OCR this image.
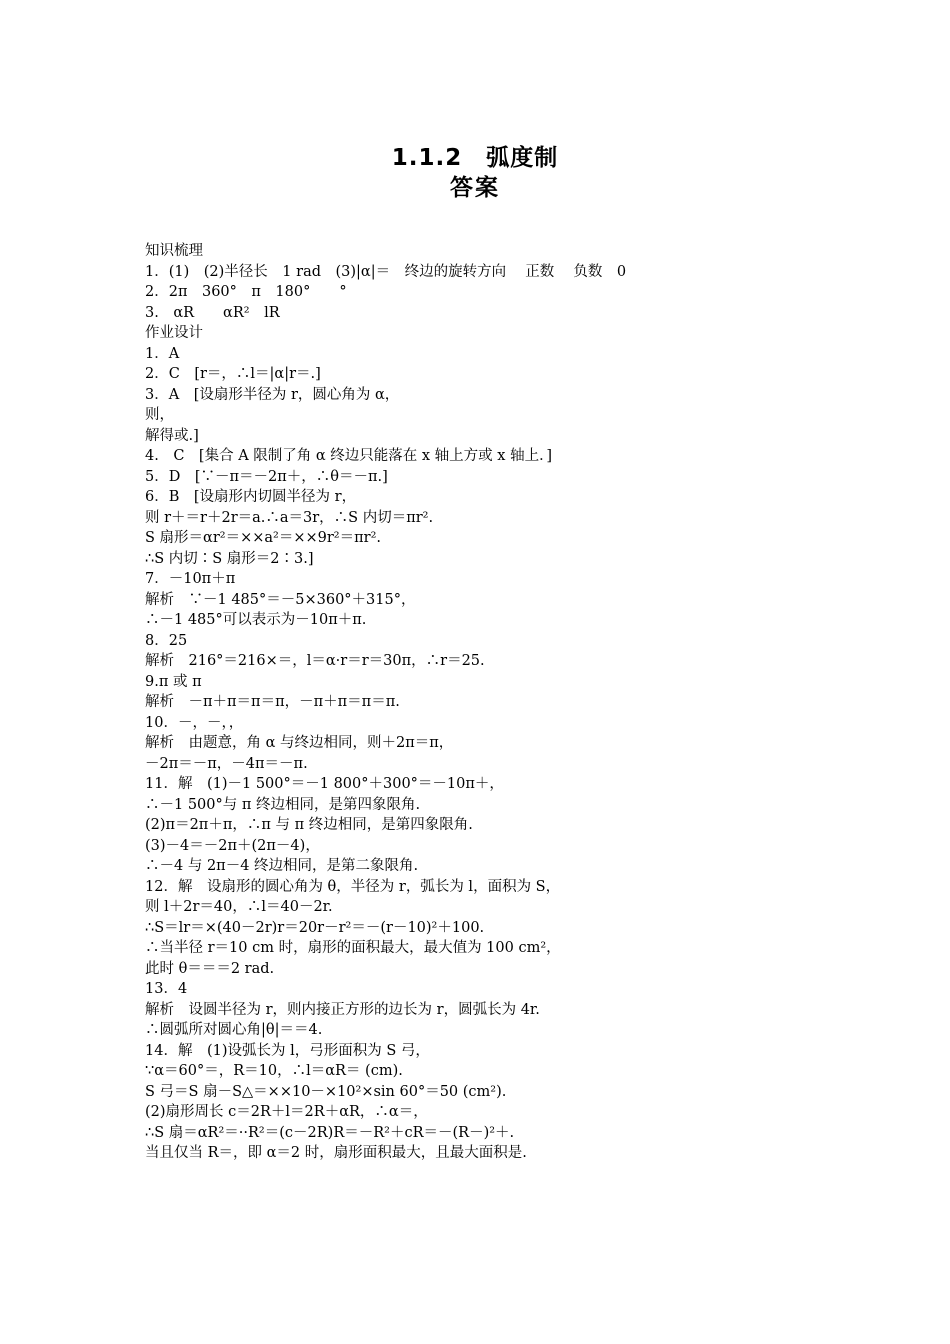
1.1.2　弧度制
答案
知识梳理
1．(1)　(2)半径长　1 rad　(3)|α|＝　终边的旋转方向　 正数　 负数　0
2．2π　360°　π　180°　　°
3.　αR　　αR²　lR
作业设计
1．A
2．C　[r＝，∴l＝|α|r＝.]
3．A　[设扇形半径为 r，圆心角为 α，
则，
解得或.]
4.　C　[集合 A 限制了角 α 终边只能落在 x 轴上方或 x 轴上．]
5．D　[∵－π＝－2π＋，∴θ＝－π.]
6．B　[设扇形内切圆半径为 r，
则 r＋＝r＋2r＝a.∴a＝3r，∴S 内切＝πr².
S 扇形＝αr²＝××a²＝××9r²＝πr².
∴S 内切∶S 扇形＝2∶3.]
7．－10π＋π
解析　∵－1 485°＝－5×360°＋315°，
∴－1 485°可以表示为－10π＋π.
8．25
解析　216°＝216×＝，l＝α·r＝r＝30π，∴r＝25.
9.π 或 π
解析　－π＋π＝π＝π，－π＋π＝π＝π.
10．－，－，，
解析　由题意，角 α 与终边相同，则＋2π＝π，
－2π＝－π，－4π＝－π.
11．解　(1)－1 500°＝－1 800°＋300°＝－10π＋，
∴－1 500°与 π 终边相同，是第四象限角.
(2)π＝2π＋π，∴π 与 π 终边相同，是第四象限角.
(3)－4＝－2π＋(2π－4)，
∴－4 与 2π－4 终边相同，是第二象限角.
12．解　设扇形的圆心角为 θ，半径为 r，弧长为 l，面积为 S，
则 l＋2r＝40，∴l＝40－2r.
∴S＝lr＝×(40－2r)r＝20r－r²＝－(r－10)²＋100.
∴当半径 r＝10 cm 时，扇形的面积最大，最大值为 100 cm²，
此时 θ＝＝＝2 rad.
13．4
解析　设圆半径为 r，则内接正方形的边长为 r，圆弧长为 4r.
∴圆弧所对圆心角|θ|＝＝4.
14．解　(1)设弧长为 l，弓形面积为 S 弓，
∵α＝60°＝，R＝10，∴l＝αR＝ (cm).
S 弓＝S 扇－S△＝××10－×10²×sin 60°＝50 (cm²).
(2)扇形周长 c＝2R＋l＝2R＋αR，∴α＝，
∴S 扇＝αR²＝··R²＝(c－2R)R＝－R²＋cR＝－(R－)²＋.
当且仅当 R＝，即 α＝2 时，扇形面积最大，且最大面积是.
